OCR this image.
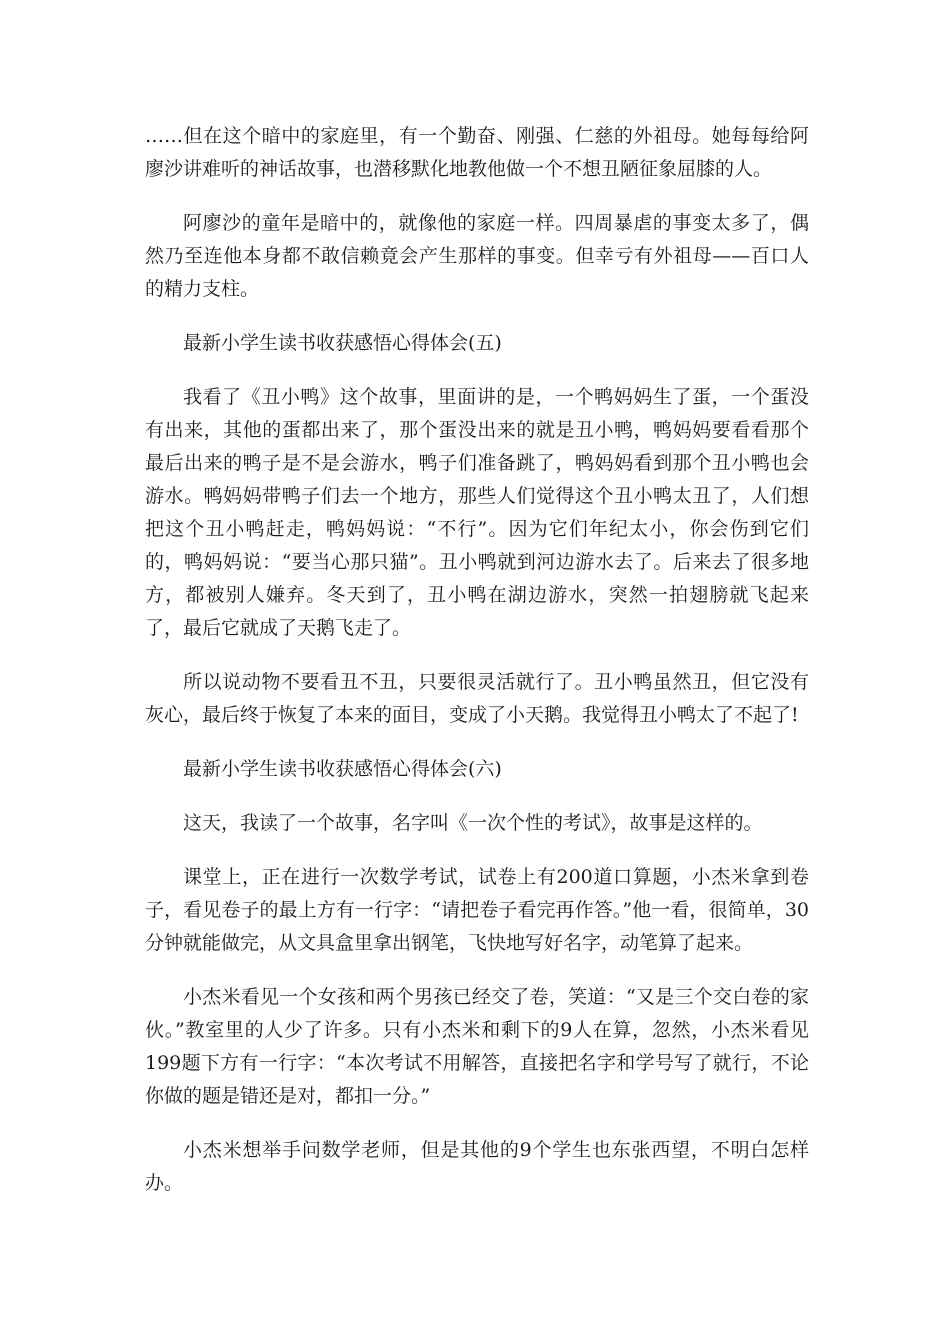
……但在这个暗中的家庭里，有一个勤奋、刚强、仁慈的外祖母。她每每给阿廖沙讲难听的神话故事，也潜移默化地教他做一个不想丑陋征象屈膝的人。

阿廖沙的童年是暗中的，就像他的家庭一样。四周暴虐的事变太多了，偶然乃至连他本身都不敢信赖竟会产生那样的事变。但幸亏有外祖母——百口人的精力支柱。

最新小学生读书收获感悟心得体会(五)

我看了《丑小鸭》这个故事，里面讲的是，一个鸭妈妈生了蛋，一个蛋没有出来，其他的蛋都出来了，那个蛋没出来的就是丑小鸭，鸭妈妈要看看那个最后出来的鸭子是不是会游水，鸭子们准备跳了，鸭妈妈看到那个丑小鸭也会游水。鸭妈妈带鸭子们去一个地方，那些人们觉得这个丑小鸭太丑了，人们想把这个丑小鸭赶走，鸭妈妈说：“不行”。因为它们年纪太小，你会伤到它们的，鸭妈妈说：“要当心那只猫”。丑小鸭就到河边游水去了。后来去了很多地方，都被别人嫌弃。冬天到了，丑小鸭在湖边游水，突然一拍翅膀就飞起来了，最后它就成了天鹅飞走了。

所以说动物不要看丑不丑，只要很灵活就行了。丑小鸭虽然丑，但它没有灰心，最后终于恢复了本来的面目，变成了小天鹅。我觉得丑小鸭太了不起了!

最新小学生读书收获感悟心得体会(六)

这天，我读了一个故事，名字叫《一次个性的考试》，故事是这样的。

课堂上，正在进行一次数学考试，试卷上有200道口算题，小杰米拿到卷子，看见卷子的最上方有一行字：“请把卷子看完再作答。”他一看，很简单，30分钟就能做完，从文具盒里拿出钢笔，飞快地写好名字，动笔算了起来。

小杰米看见一个女孩和两个男孩已经交了卷，笑道：“又是三个交白卷的家伙。”教室里的人少了许多。只有小杰米和剩下的9人在算，忽然，小杰米看见199题下方有一行字：“本次考试不用解答，直接把名字和学号写了就行，不论你做的题是错还是对，都扣一分。”

小杰米想举手问数学老师，但是其他的9个学生也东张西望，不明白怎样办。
